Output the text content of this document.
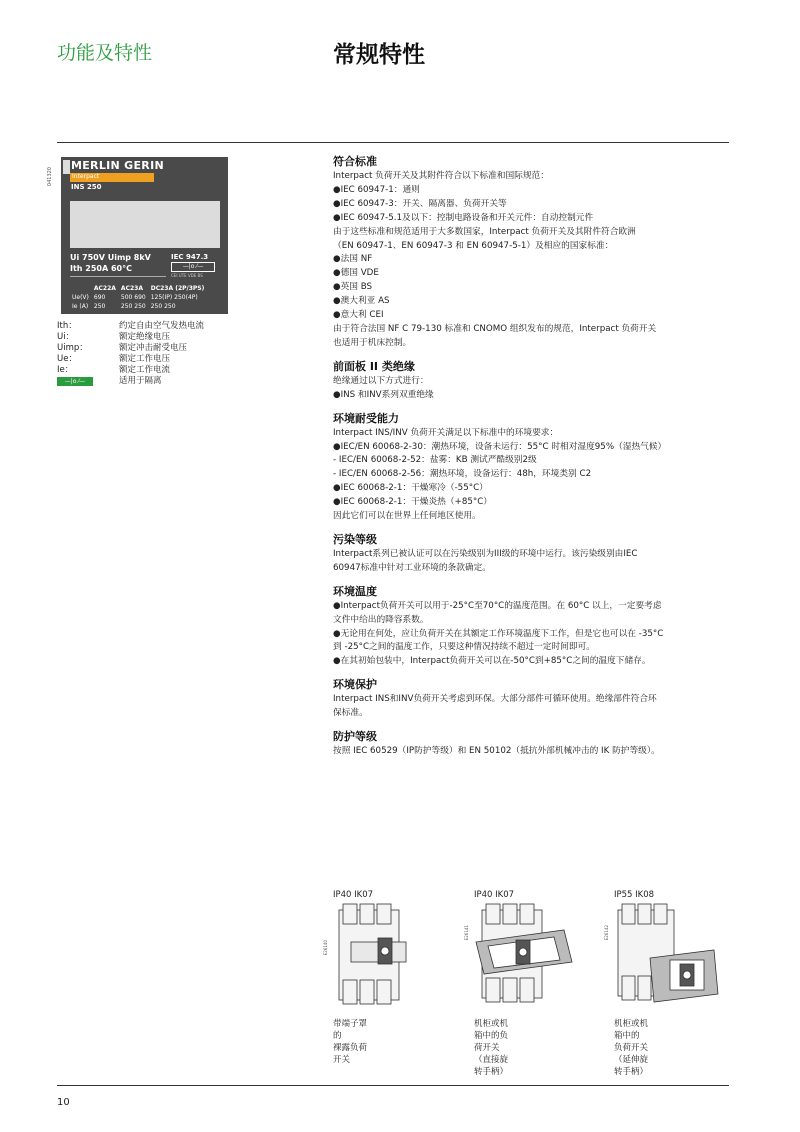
功能及特性	常规特性
041320
MERLIN GERIN
Interpact
INS 250
Ui 750V Uimp 8kV
Ith 250A 60°C
IEC 947.3
—|o ⁄—
CEI UTE VDE BS
	AC22A	AC23A	DC23A (2P/3PS)
Ue(V)	690	500 690	125(IP) 250(4P)
Ie (A)	250	250 250	250 250
Ith：	约定自由空气发热电流
Ui：	额定绝缘电压
Uimp：	额定冲击耐受电压
Ue：	额定工作电压
Ie：	额定工作电流
—|o ⁄—	适用于隔离
符合标准

Interpact 负荷开关及其附件符合以下标准和国际规范：

●IEC 60947-1：通则

●IEC 60947-3：开关、隔离器、负荷开关等

●IEC 60947-5.1及以下：控制电路设备和开关元件：自动控制元件

由于这些标准和规范适用于大多数国家，Interpact 负荷开关及其附件符合欧洲

（EN 60947-1、EN 60947-3 和 EN 60947-5-1）及相应的国家标准：

●法国 NF

●德国 VDE

●英国 BS

●澳大利亚 AS

●意大利 CEI

由于符合法国 NF C 79-130 标准和 CNOMO 组织发布的规范，Interpact 负荷开关

也适用于机床控制。

前面板 II 类绝缘

绝缘通过以下方式进行：

●INS 和INV系列双重绝缘

环境耐受能力

Interpact INS/INV 负荷开关满足以下标准中的环境要求：

●IEC/EN 60068-2-30：潮热环境，设备未运行：55°C 时相对湿度95%（湿热气候）

- IEC/EN 60068-2-52：盐雾：KB 测试严酷级别2级

- IEC/EN 60068-2-56：潮热环境，设备运行：48h，环境类别 C2

●IEC 60068-2-1：干燥寒冷（-55°C）

●IEC 60068-2-1：干燥炎热（+85°C）

因此它们可以在世界上任何地区使用。

污染等级

Interpact系列已被认证可以在污染级别为III级的环境中运行。该污染级别由IEC

60947标准中针对工业环境的条款确定。

环境温度

●Interpact负荷开关可以用于-25°C至70°C的温度范围。在 60°C 以上，一定要考虑

文件中给出的降容系数。

●无论用在何处，应让负荷开关在其额定工作环境温度下工作，但是它也可以在 -35°C

到 -25°C之间的温度工作，只要这种情况持续不超过一定时间即可。

●在其初始包装中，Interpact负荷开关可以在-50°C到+85°C之间的温度下储存。

环境保护

Interpact INS和INV负荷开关考虑到环保。大部分部件可循环使用。绝缘部件符合环

保标准。

防护等级

按照 IEC 60529（IP防护等级）和 EN 50102（抵抗外部机械冲击的 IK 防护等级）。

IP40 IK07
E26140
带端子罩的
裸露负荷开关
IP40 IK07
E26141
机柜或机箱中的负荷开关
（直接旋转手柄）
IP55 IK08
E26142
机柜或机箱中的
负荷开关（延伸旋转手柄）
10
